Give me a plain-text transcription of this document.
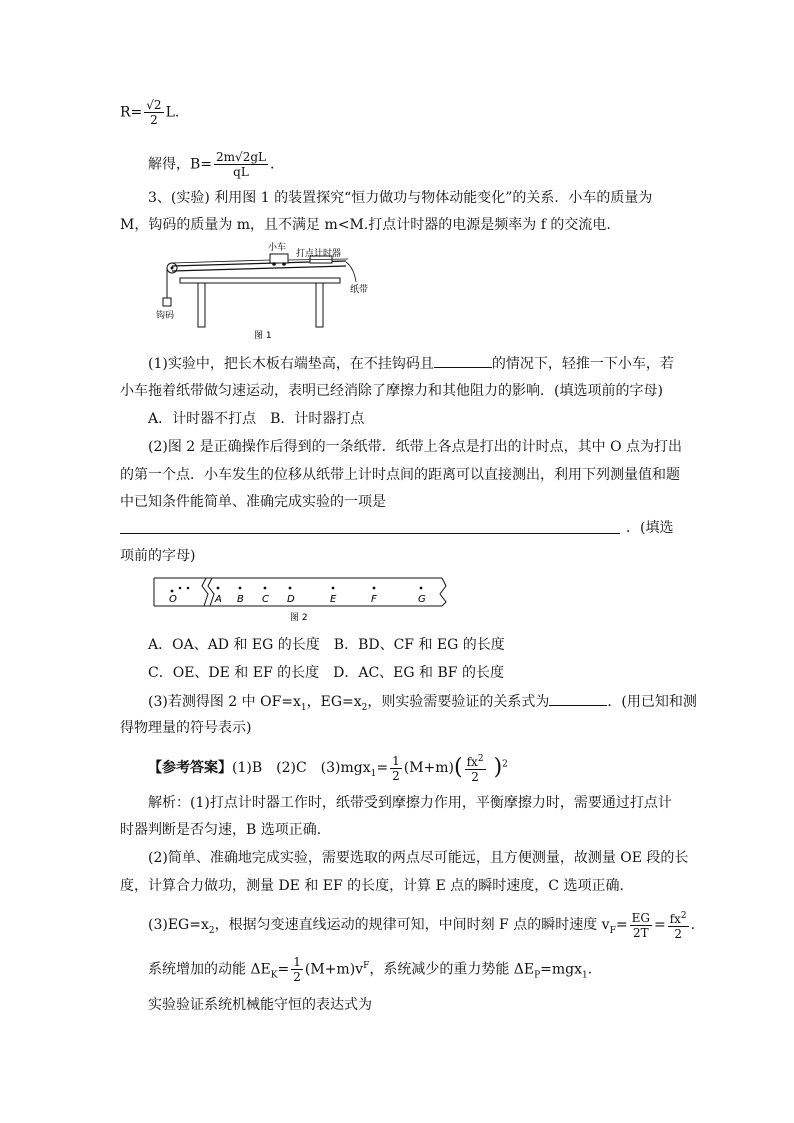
$R= \frac{√2}{2} L$.
解得，$B= \frac{2m√2gL}{qL}$ .
3、(实验) 利用图 1 的装置探究“恒力做功与物体动能变化”的关系．小车的质量为
M，钩码的质量为 m，且不满足 m<M.打点计时器的电源是频率为 f 的交流电.
小车
打点计时器
纸带
钩码
图 1
(1)实验中，把长木板右端垫高，在不挂钩码且	的情况下，轻推一下小车，若
小车拖着纸带做匀速运动，表明已经消除了摩擦力和其他阻力的影响．(填选项前的字母)
A．计时器不打点　B．计时器打点
(2)图 2 是正确操作后得到的一条纸带．纸带上各点是打出的计时点，其中 O 点为打出
的第一个点．小车发生的位移从纸带上计时点间的距离可以直接测出，利用下列测量值和题
中已知条件能简单、准确完成实验的一项是
．(填选
项前的字母)
O	A B C D	E	F	G
图 2
A．OA、AD 和 EG 的长度　B．BD、CF 和 EG 的长度
C．OE、DE 和 EF 的长度　D．AC、EG 和 BF 的长度
(3)若测得图 2 中 $OF=x_1$，$EG=x_2$，则实验需要验证的关系式为	．(用已知和测
得物理量的符号表示)
【参考答案】(1)B　(2)C　$(3)mgx_1= \frac{1}{2} (M+m)( \frac{fx^2}{2} )^2$
解析：(1)打点计时器工作时，纸带受到摩擦力作用，平衡摩擦力时，需要通过打点计
时器判断是否匀速，B 选项正确.
(2)简单、准确地完成实验，需要选取的两点尽可能远，且方便测量，故测量 OE 段的长
度，计算合力做功，测量 DE 和 EF 的长度，计算 E 点的瞬时速度，C 选项正确.
$(3)EG=x_2$，根据匀变速直线运动的规律可知，中间时刻 F 点的瞬时速度 $v_F= \frac{EG}{2T} = \frac{fx^2}{2}$ .
系统增加的动能 $\Delta E_K= \frac{1}{2} (M+m)v^F$，系统减少的重力势能 $\Delta E_P=mgx_1$.
实验验证系统机械能守恒的表达式为
